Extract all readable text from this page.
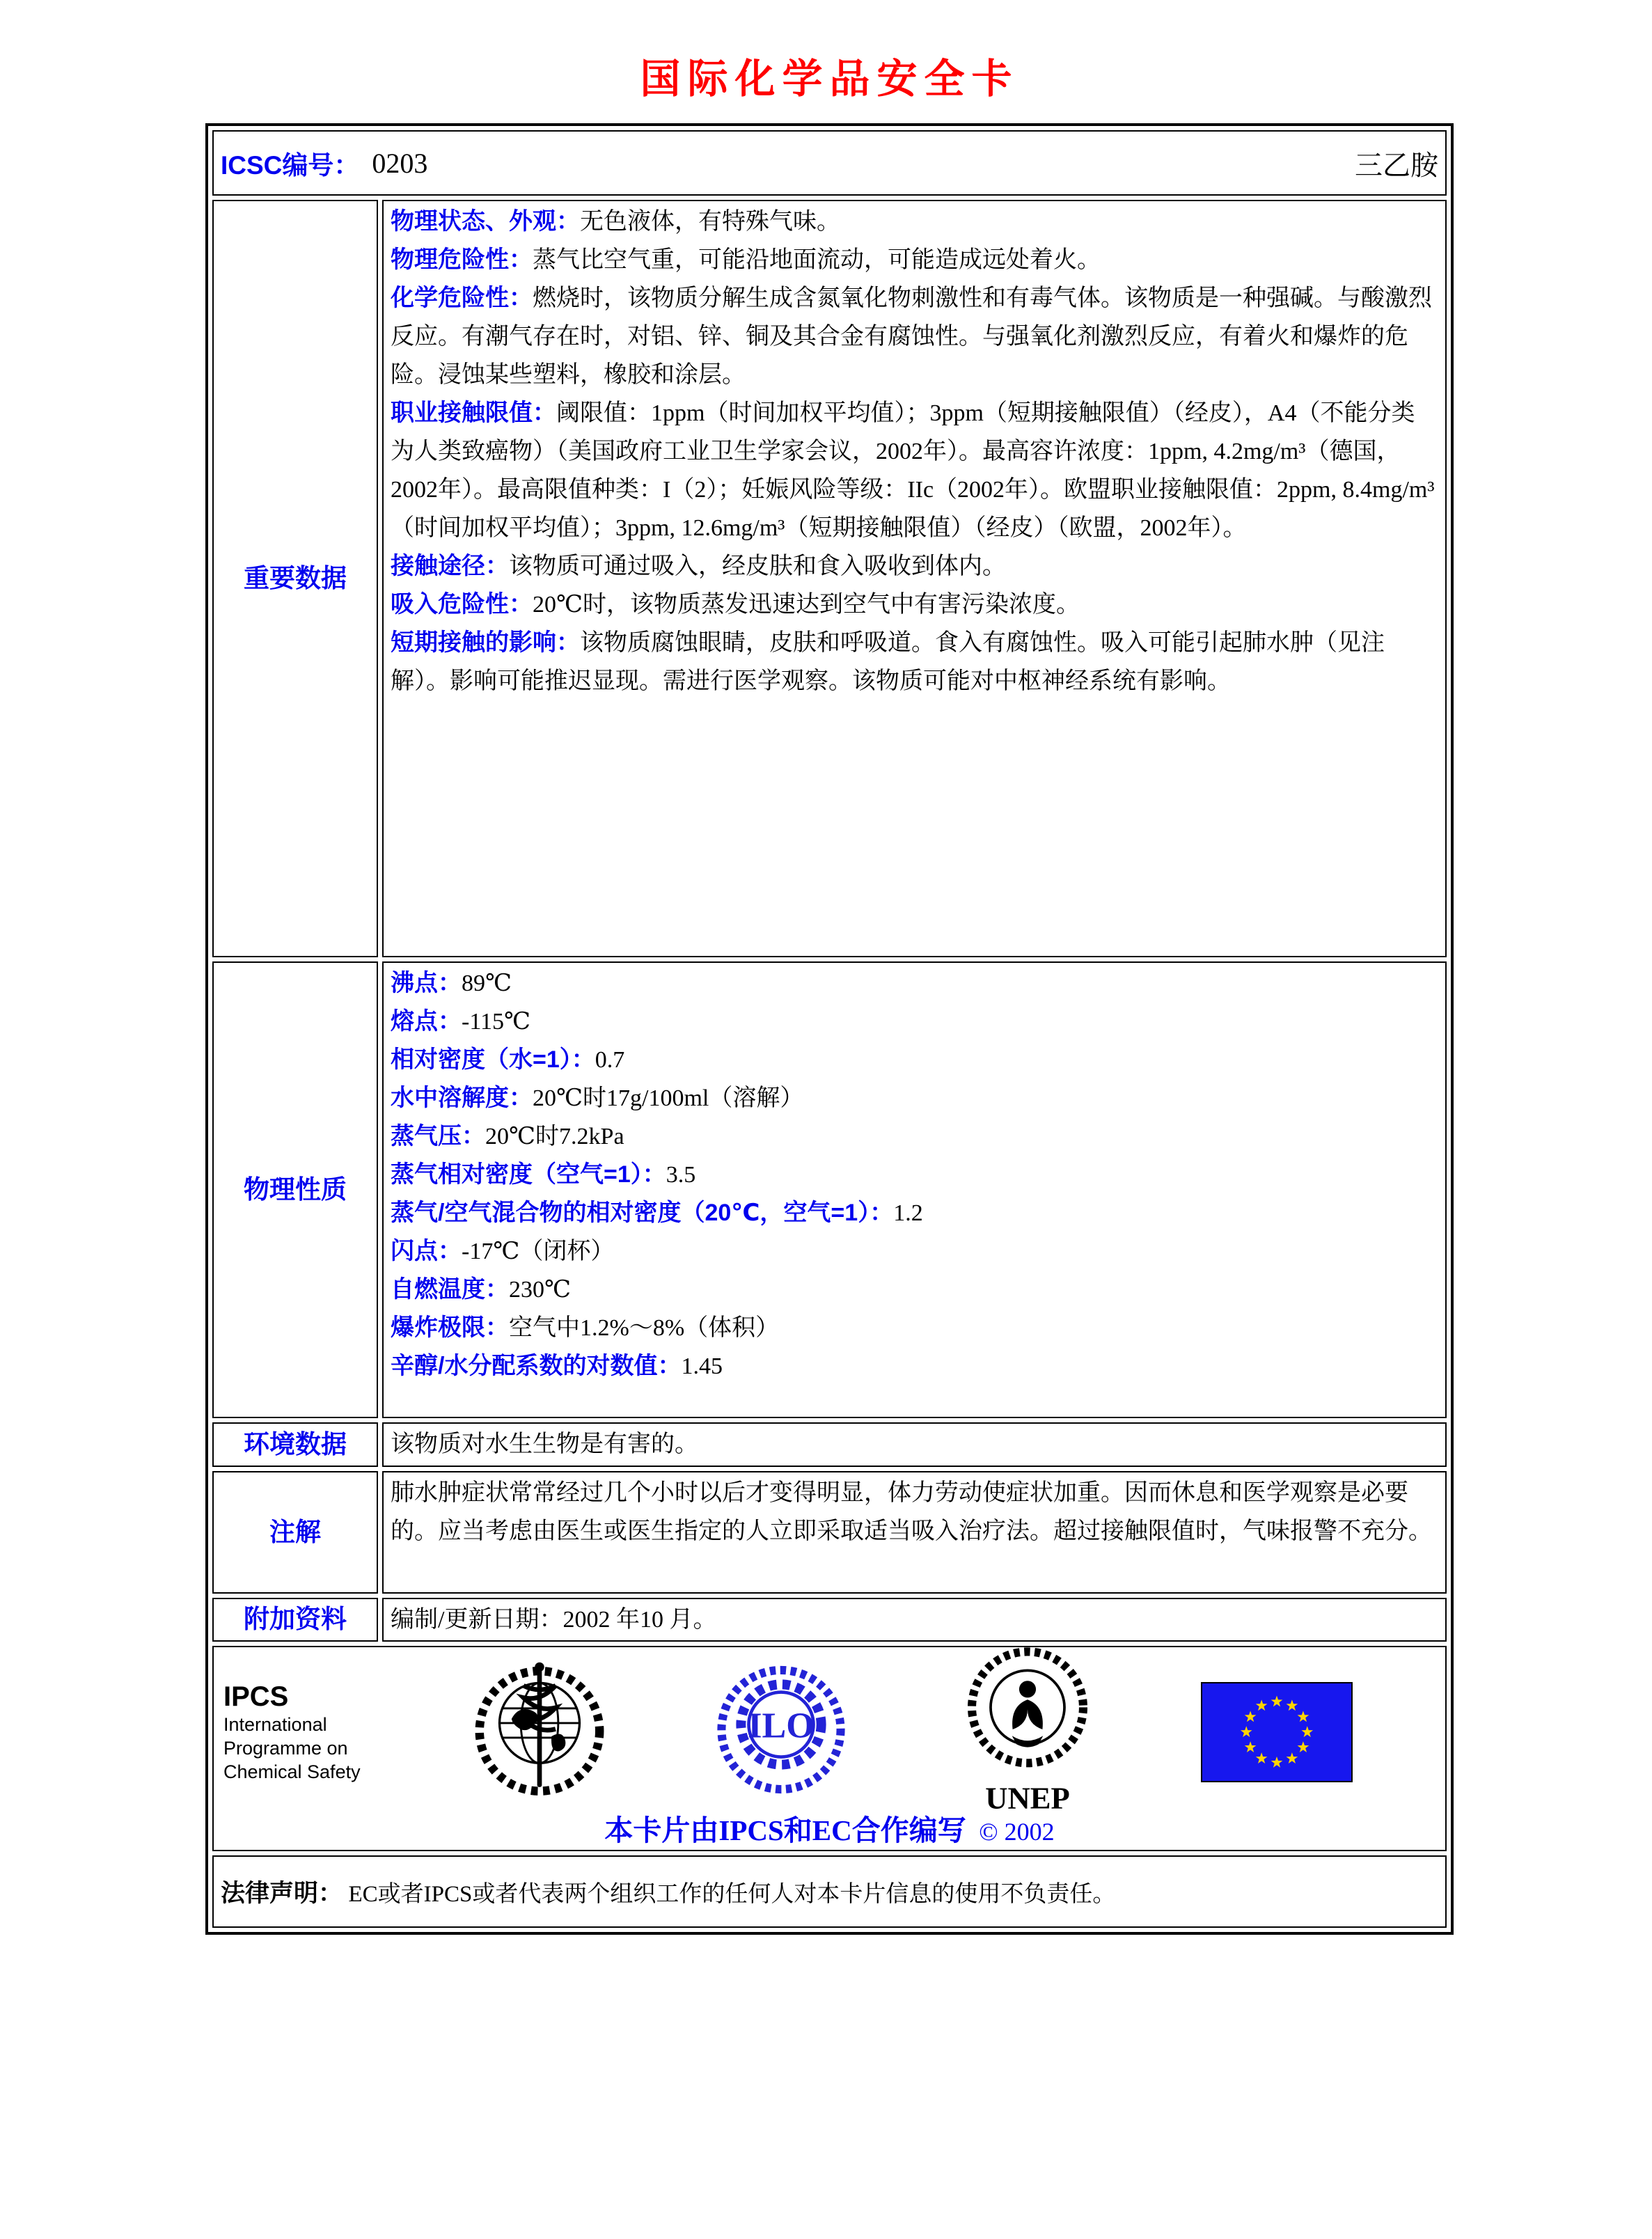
国际化学品安全卡
ICSC编号： 0203 三乙胺	

重要数据	
物理状态、外观：无色液体，有特殊气味。
物理危险性：蒸气比空气重，可能沿地面流动，可能造成远处着火。
化学危险性：燃烧时，该物质分解生成含氮氧化物刺激性和有毒气体。该物质是一种强碱。与酸激烈反应。有潮气存在时，对铝、锌、铜及其合金有腐蚀性。与强氧化剂激烈反应，有着火和爆炸的危险。浸蚀某些塑料，橡胶和涂层。
职业接触限值：阈限值：1ppm（时间加权平均值）；3ppm（短期接触限值）（经皮），A4（不能分类为人类致癌物）（美国政府工业卫生学家会议，2002年）。最高容许浓度：1ppm, 4.2mg/m³（德国，2002年）。最高限值种类：I（2）；妊娠风险等级：IIc（2002年）。欧盟职业接触限值：2ppm, 8.4mg/m³（时间加权平均值）；3ppm, 12.6mg/m³（短期接触限值）（经皮）（欧盟，2002年）。
接触途径：该物质可通过吸入，经皮肤和食入吸收到体内。
吸入危险性：20℃时，该物质蒸发迅速达到空气中有害污染浓度。
短期接触的影响：该物质腐蚀眼睛，皮肤和呼吸道。食入有腐蚀性。吸入可能引起肺水肿（见注解）。影响可能推迟显现。需进行医学观察。该物质可能对中枢神经系统有影响。

物理性质	
沸点：89℃
熔点：-115℃
相对密度（水=1）：0.7
水中溶解度：20℃时17g/100ml（溶解）
蒸气压：20℃时7.2kPa
蒸气相对密度（空气=1）：3.5
蒸气/空气混合物的相对密度（20℃，空气=1）：1.2
闪点：-17℃（闭杯）
自燃温度：230℃
爆炸极限：空气中1.2%～8%（体积）
辛醇/水分配系数的对数值：1.45

环境数据	该物质对水生生物是有害的。
注解	肺水肿症状常常经过几个小时以后才变得明显，体力劳动使症状加重。因而休息和医学观察是必要的。应当考虑由医生或医生指定的人立即采取适当吸入治疗法。超过接触限值时，气味报警不充分。
附加资料	编制/更新日期：2002 年10 月。

IPCS
International
Programme on
Chemical Safety
ILO
UNEP
本卡片由IPCS和EC合作编写 © 2002

法律声明： EC或者IPCS或者代表两个组织工作的任何人对本卡片信息的使用不负责任。	
